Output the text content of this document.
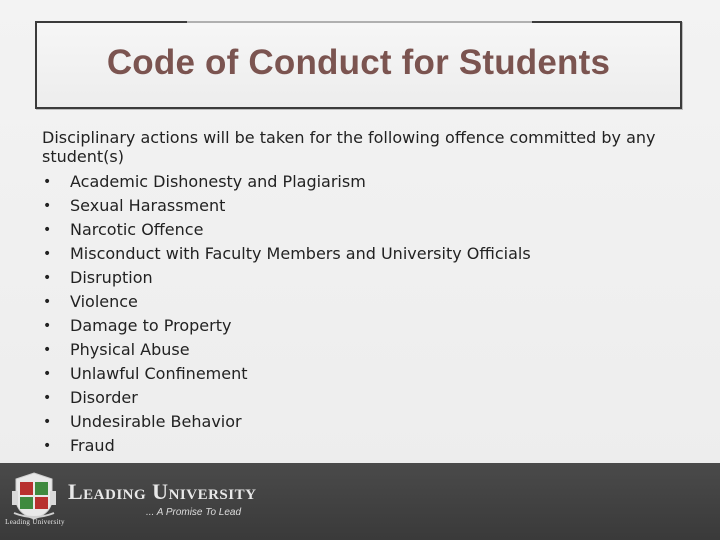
Code of Conduct for Students

Disciplinary actions will be taken for the following offence committed by any student(s)

• Academic Dishonesty and Plagiarism
• Sexual Harassment
• Narcotic Offence
• Misconduct with Faculty Members and University Officials
• Disruption
• Violence
• Damage to Property
• Physical Abuse
• Unlawful Confinement
• Disorder
• Undesirable Behavior
• Fraud
Leading University
Leading University
... A Promise To Lead
